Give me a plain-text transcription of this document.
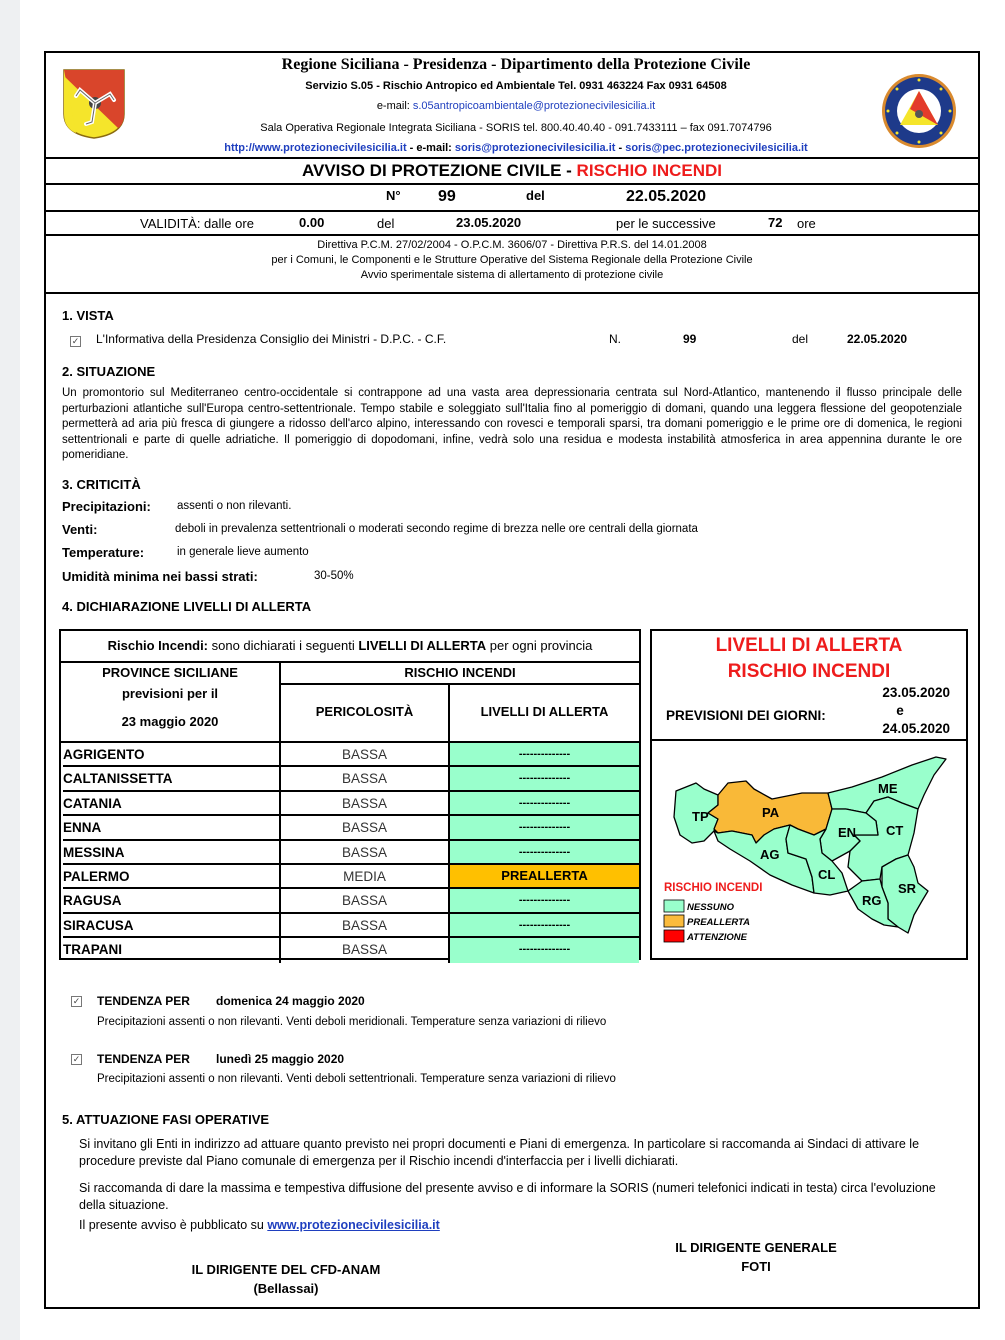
Regione Siciliana - Presidenza - Dipartimento della Protezione Civile
Servizio S.05 - Rischio Antropico ed Ambientale Tel. 0931 463224 Fax 0931 64508
e-mail: s.05antropicoambientale@protezionecivilesicilia.it
Sala Operativa Regionale Integrata Siciliana - SORIS tel. 800.40.40.40 - 091.7433111 – fax 091.7074796
http://www.protezionecivilesicilia.it - e-mail: soris@protezionecivilesicilia.it - soris@pec.protezionecivilesicilia.it
AVVISO DI PROTEZIONE CIVILE - RISCHIO INCENDI
N° 99	del	22.05.2020
VALIDITÀ: dalle ore	0.00	del	23.05.2020	per le successive	72 ore
Direttiva P.C.M. 27/02/2004 - O.P.C.M. 3606/07 - Direttiva P.R.S. del 14.01.2008
per i Comuni, le Componenti e le Strutture Operative del Sistema Regionale della Protezione Civile
Avvio sperimentale sistema di allertamento di protezione civile
1. VISTA
✓ L'Informativa della Presidenza Consiglio dei Ministri - D.P.C. - C.F.	N.	99	del	22.05.2020
2. SITUAZIONE
Un promontorio sul Mediterraneo centro-occidentale si contrappone ad una vasta area depressionaria centrata sul Nord-Atlantico, mantenendo il flusso principale delle perturbazioni atlantiche sull'Europa centro-settentrionale. Tempo stabile e soleggiato sull'Italia fino al pomeriggio di domani, quando una leggera flessione del geopotenziale permetterà ad aria più fresca di giungere a ridosso dell'arco alpino, interessando con rovesci e temporali sparsi, tra domani pomeriggio e le prime ore di domenica, le regioni settentrionali e parte di quelle adriatiche. Il pomeriggio di dopodomani, infine, vedrà solo una residua e modesta instabilità atmosferica in area appennina durante le ore pomeridiane.
3. CRITICITÀ
Precipitazioni: assenti o non rilevanti.
Venti:	deboli in prevalenza settentrionali o moderati secondo regime di brezza nelle ore centrali della giornata
Temperature:	in generale lieve aumento
Umidità minima nei bassi strati:	30-50%
4. DICHIARAZIONE LIVELLI DI ALLERTA
Rischio Incendi: sono dichiarati i seguenti LIVELLI DI ALLERTA per ogni provincia
PROVINCE SICILIANE
previsioni per il
23 maggio 2020
RISCHIO INCENDI
PERICOLOSITÀ	LIVELLI DI ALLERTA
AGRIGENTO	BASSA	--------------
CALTANISSETTA	BASSA	--------------
CATANIA	BASSA	--------------
ENNA	BASSA	--------------
MESSINA	BASSA	--------------
PALERMO	MEDIA	PREALLERTA
RAGUSA	BASSA	--------------
SIRACUSA	BASSA	--------------
TRAPANI	BASSA	--------------
LIVELLI DI ALLERTA
RISCHIO INCENDI
PREVISIONI DEI GIORNI:
23.05.2020
e
24.05.2020
TP	PA
ME
EN CT
AG
CL
SR
RG
RISCHIO INCENDI
NESSUNO
PREALLERTA
ATTENZIONE
✓ TENDENZA PER domenica 24 maggio 2020
Precipitazioni assenti o non rilevanti. Venti deboli meridionali. Temperature senza variazioni di rilievo
✓ TENDENZA PER lunedì 25 maggio 2020
Precipitazioni assenti o non rilevanti. Venti deboli settentrionali. Temperature senza variazioni di rilievo
5. ATTUAZIONE FASI OPERATIVE
Si invitano gli Enti in indirizzo ad attuare quanto previsto nei propri documenti e Piani di emergenza. In particolare si raccomanda ai Sindaci di attivare le procedure previste dal Piano comunale di emergenza per il Rischio incendi d'interfaccia per i livelli dichiarati.
Si raccomanda di dare la massima e tempestiva diffusione del presente avviso e di informare la SORIS (numeri telefonici indicati in testa) circa l'evoluzione della situazione.
Il presente avviso è pubblicato su www.protezionecivilesicilia.it
IL DIRIGENTE DEL CFD-ANAM
(Bellassai)
IL DIRIGENTE GENERALE
FOTI
